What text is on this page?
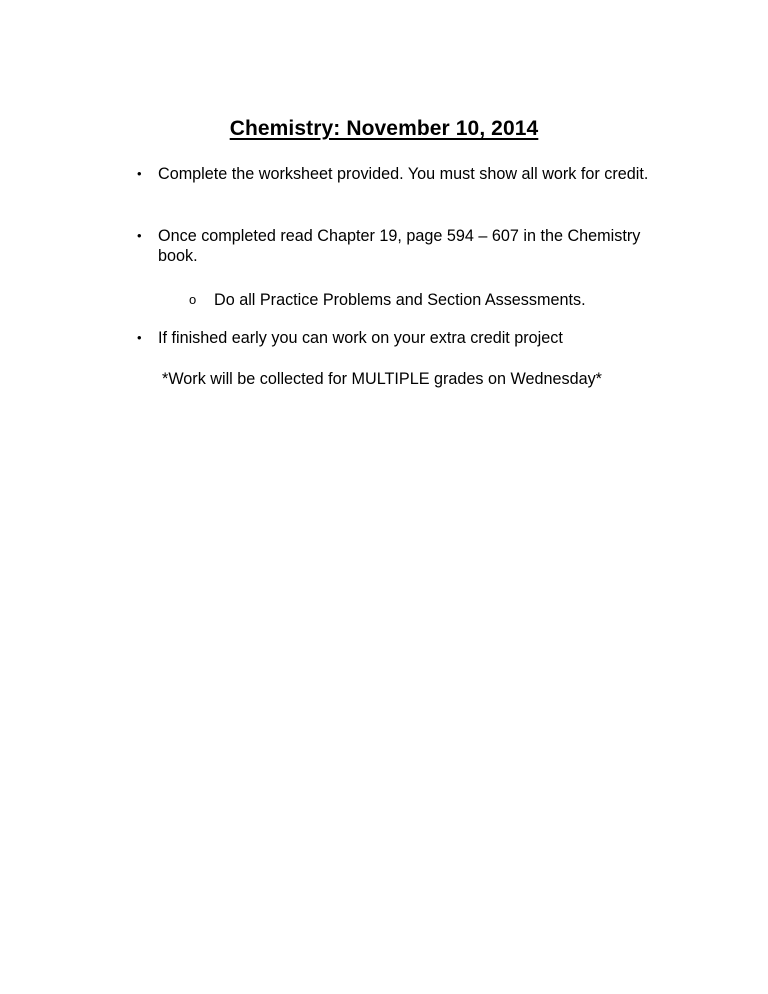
Chemistry: November 10, 2014
•	Complete the worksheet provided. You must show all work for credit.
•	Once completed read Chapter 19, page 594 – 607 in the Chemistry book.
o	Do all Practice Problems and Section Assessments.
•	If finished early you can work on your extra credit project
*Work will be collected for MULTIPLE grades on Wednesday*
